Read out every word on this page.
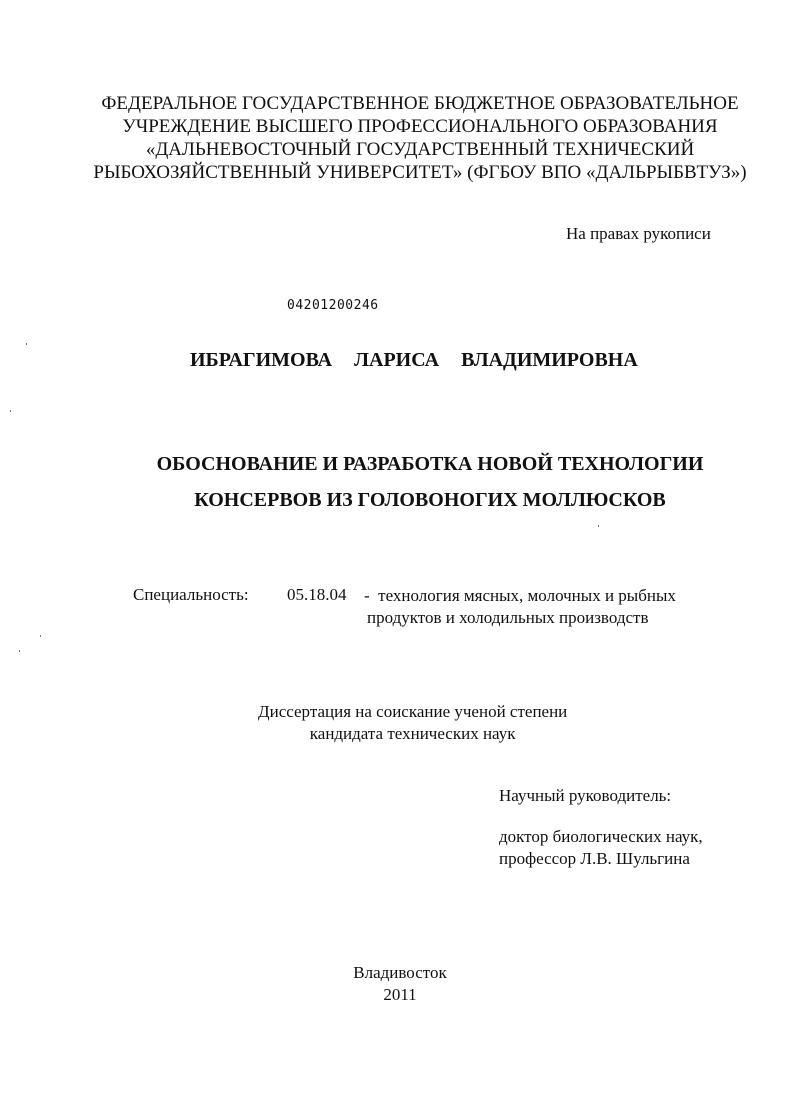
ФЕДЕРАЛЬНОЕ ГОСУДАРСТВЕННОЕ БЮДЖЕТНОЕ ОБРАЗОВАТЕЛЬНОЕ
УЧРЕЖДЕНИЕ ВЫСШЕГО ПРОФЕССИОНАЛЬНОГО ОБРАЗОВАНИЯ
«ДАЛЬНЕВОСТОЧНЫЙ ГОСУДАРСТВЕННЫЙ ТЕХНИЧЕСКИЙ
РЫБОХОЗЯЙСТВЕННЫЙ УНИВЕРСИТЕТ» (ФГБОУ ВПО «ДАЛЬРЫБВТУЗ»)
На правах рукописи
04201200246
ИБРАГИМОВА  ЛАРИСА  ВЛАДИМИРОВНА
ОБОСНОВАНИЕ И РАЗРАБОТКА НОВОЙ ТЕХНОЛОГИИ
КОНСЕРВОВ ИЗ ГОЛОВОНОГИХ МОЛЛЮСКОВ
Специальность: 05.18.04 -  технология мясных, молочных и рыбных
продуктов и холодильных производств
Диссертация на соискание ученой степени
кандидата технических наук
Научный руководитель:
доктор биологических наук,
профессор Л.В. Шульгина
Владивосток
2011
